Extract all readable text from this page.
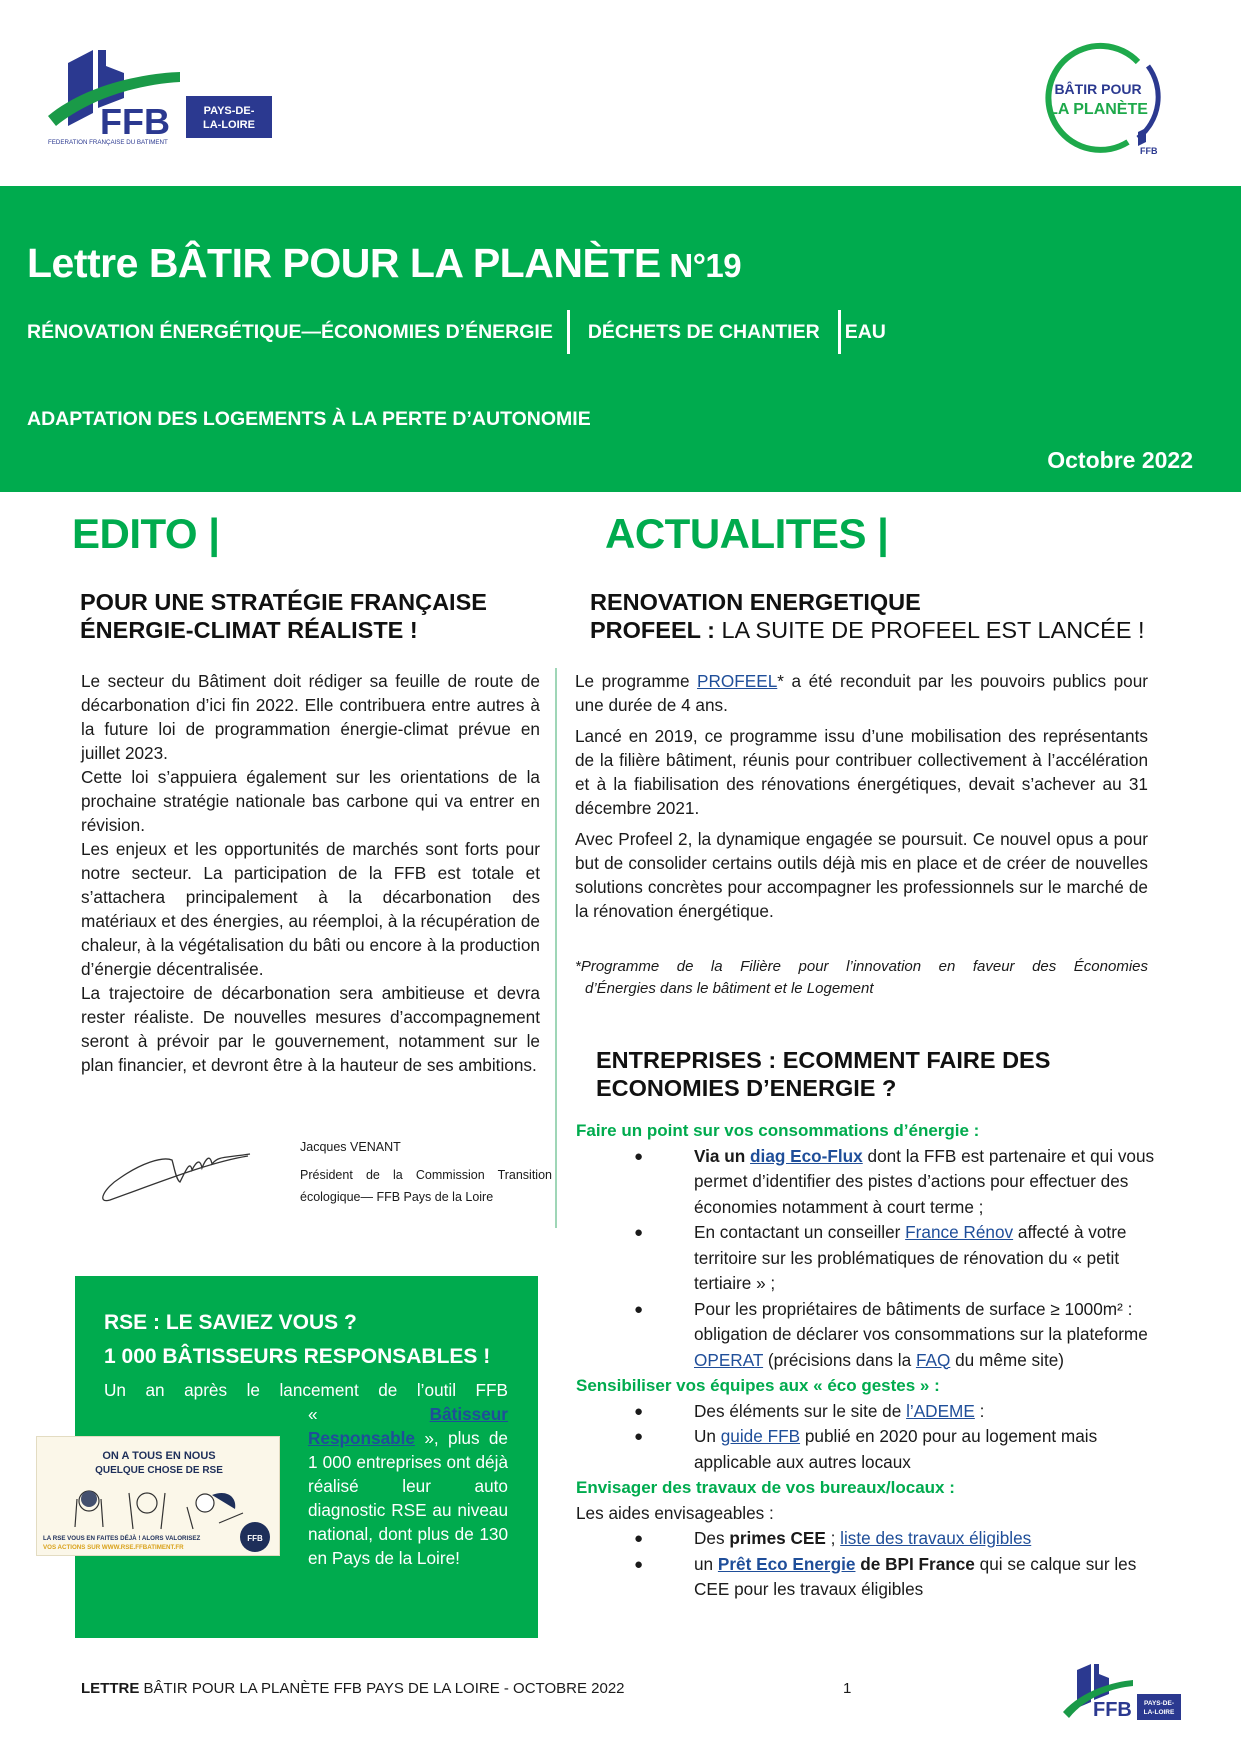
FFB	PAYS-DE-
LA-LOIRE
FEDERATION FRANÇAISE DU BATIMENT
BÂTIR POUR
LA PLANÈTE
FFB
Lettre BÂTIR POUR LA PLANÈTE N°19
RÉNOVATION ÉNERGÉTIQUE—ÉCONOMIES D’ÉNERGIE DÉCHETS DE CHANTIER EAU
ADAPTATION DES LOGEMENTS À LA PERTE D’AUTONOMIE
Octobre 2022
EDITO |	ACTUALITES |
POUR UNE STRATÉGIE FRANÇAISE
ÉNERGIE-CLIMAT RÉALISTE !

Le secteur du Bâtiment doit rédiger sa feuille de route de décarbonation d’ici fin 2022. Elle contribuera entre autres à la future loi de programmation énergie-climat prévue en juillet 2023.

Cette loi s’appuiera également sur les orientations de la prochaine stratégie nationale bas carbone qui va entrer en révision.

Les enjeux et les opportunités de marchés sont forts pour notre secteur. La participation de la FFB est totale et s’attachera principalement à la décarbonation des matériaux et des énergies, au réemploi, à la récupération de chaleur, à la végétalisation du bâti ou encore à la production d’énergie décentralisée.

La trajectoire de décarbonation sera ambitieuse et devra rester réaliste. De nouvelles mesures d’accompagnement seront à prévoir par le gouvernement, notamment sur le plan financier, et devront être à la hauteur de ses ambitions.

Jacques VENANT
Président de la Commission Transition écologique— FFB Pays de la Loire
RSE : LE SAVIEZ VOUS ?
1 000 BÂTISSEURS RESPONSABLES !
Un an après le lancement de l’outil FFB
« Bâtisseur Responsable », plus de 1 000 entreprises ont déjà réalisé leur auto diagnostic RSE au niveau national, dont plus de 130 en Pays de la Loire!
ON A TOUS EN NOUS
QUELQUE CHOSE DE RSE
LA RSE VOUS EN FAITES DÉJÀ ! ALORS VALORISEZ
VOS ACTIONS SUR WWW.RSE.FFBATIMENT.FR
FFB
RENOVATION ENERGETIQUE
PROFEEL : LA SUITE DE PROFEEL EST LANCÉE !

Le programme PROFEEL* a été reconduit par les pouvoirs publics pour une durée de 4 ans.

Lancé en 2019, ce programme issu d’une mobilisation des représentants de la filière bâtiment, réunis pour contribuer collectivement à l’accélération et à la fiabilisation des rénovations énergétiques, devait s’achever au 31 décembre 2021.

Avec Profeel 2, la dynamique engagée se poursuit. Ce nouvel opus a pour but de consolider certains outils déjà mis en place et de créer de nouvelles solutions concrètes pour accompagner les professionnels sur le marché de la rénovation énergétique.

*Programme de la Filière pour l’innovation en faveur des Économies
d’Énergies dans le bâtiment et le Logement
ENTREPRISES : ECOMMENT FAIRE DES
ECONOMIES D’ENERGIE ?
Faire un point sur vos consommations d’énergie :
●	Via un diag Eco-Flux dont la FFB est partenaire et qui vous permet d’identifier des pistes d’actions pour effectuer des économies notamment à court terme ;
●	En contactant un conseiller France Rénov affecté à votre territoire sur les problématiques de rénovation du « petit tertiaire » ;
●	Pour les propriétaires de bâtiments de surface ≥ 1000m² : obligation de déclarer vos consommations sur la plateforme OPERAT (précisions dans la FAQ du même site)
Sensibiliser vos équipes aux « éco gestes » :
●	Des éléments sur le site de l’ADEME :
●	Un guide FFB publié en 2020 pour au logement mais applicable aux autres locaux
Envisager des travaux de vos bureaux/locaux :
Les aides envisageables :
●	Des primes CEE ; liste des travaux éligibles
●	un Prêt Eco Energie de BPI France qui se calque sur les CEE pour les travaux éligibles
LETTRE BÂTIR POUR LA PLANÈTE FFB PAYS DE LA LOIRE - OCTOBRE 2022	1
FFB PAYS-DE-
LA-LOIRE
